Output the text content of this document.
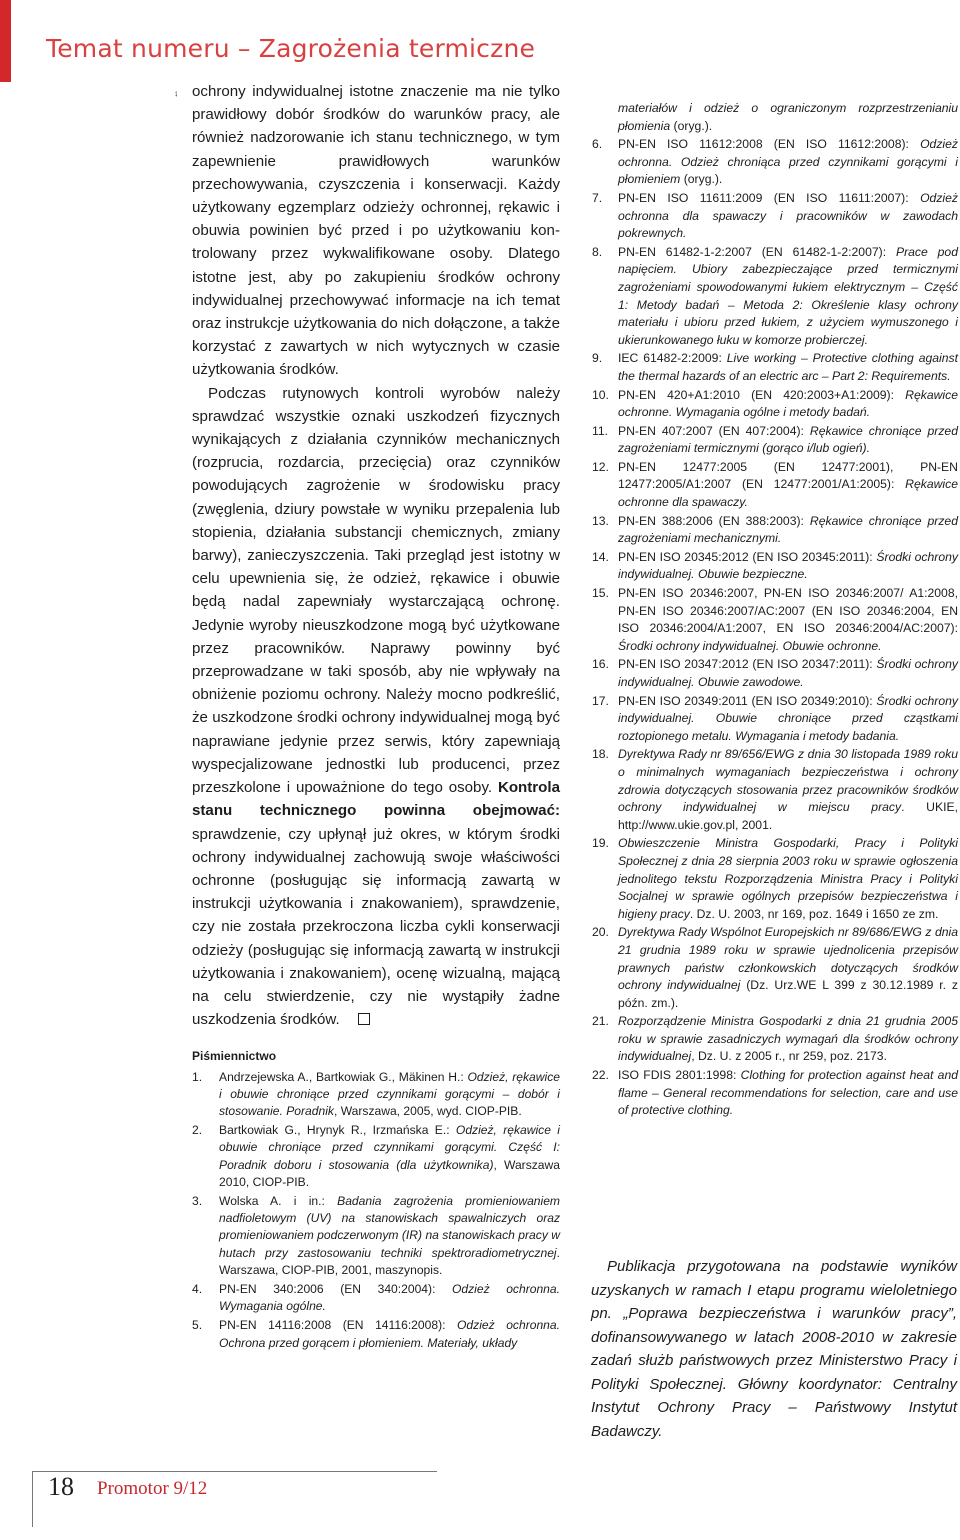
Temat numeru – Zagrożenia termiczne

⨾ ochrony indywidualnej istotne znaczenie ma nie tylko prawidłowy dobór środków do warunków pracy, ale również nadzorowanie ich stanu technicznego, w tym zapewnienie prawidłowych warunków przechowywania, czyszczenia i konserwacji. Każdy użytkowany egzemplarz odzieży ochronnej, rękawic i obuwia powinien być przed i po użytkowaniu kontrolowany przez wykwalifikowane osoby. Dlatego istotne jest, aby po zakupieniu środków ochrony indywidualnej przechowywać informacje na ich temat oraz instrukcje użytkowania do nich dołączone, a także korzystać z zawartych w nich wytycznych w czasie użytkowania środków.

Podczas rutynowych kontroli wyrobów należy sprawdzać wszystkie oznaki uszkodzeń fizycznych wynikających z działania czynników mechanicznych (rozprucia, rozdarcia, przecięcia) oraz czynników powodujących zagrożenie w środowisku pracy (zwęglenia, dziury powstałe w wyniku przepalenia lub stopienia, działania substancji chemicznych, zmiany barwy), zanieczyszczenia. Taki przegląd jest istotny w celu upewnienia się, że odzież, rękawice i obuwie będą nadal zapewniały wystarczającą ochronę. Jedynie wyroby nieuszkodzone mogą być użytkowane przez pracowników. Naprawy powinny być przeprowadzane w taki sposób, aby nie wpływały na obniżenie poziomu ochrony. Należy mocno podkreślić, że uszkodzone środki ochrony indywidualnej mogą być naprawiane jedynie przez serwis, który zapewniają wyspecjalizowane jednostki lub producenci, przez przeszkolone i upoważnione do tego osoby. Kontrola stanu technicznego powinna obejmować: sprawdzenie, czy upłynął już okres, w którym środki ochrony indywidualnej zachowują swoje właściwości ochronne (posługując się informacją zawartą w instrukcji użytkowania i znakowaniem), sprawdzenie, czy nie została przekroczona liczba cykli konserwacji odzieży (posługując się informacją zawartą w instrukcji użytkowania i znakowaniem), ocenę wizualną, mającą na celu stwierdzenie, czy nie wystąpiły żadne uszkodzenia środków.

Piśmiennictwo
1. Andrzejewska A., Bartkowiak G., Mäkinen H.: Odzież, rękawice i obuwie chroniące przed czynnikami gorącymi – dobór i stosowanie. Poradnik, Warszawa, 2005, wyd. CIOP-PIB.
2. Bartkowiak G., Hrynyk R., Irzmańska E.: Odzież, rękawice i obuwie chroniące przed czynnikami gorącymi. Część I: Poradnik doboru i stosowania (dla użytkownika), Warszawa 2010, CIOP-PIB.
3. Wolska A. i in.: Badania zagrożenia promieniowaniem nadfioletowym (UV) na stanowiskach spawalniczych oraz promieniowaniem podczerwonym (IR) na stanowiskach pracy w hutach przy zastosowaniu techniki spektroradiometrycznej. Warszawa, CIOP-PIB, 2001, maszynopis.
4. PN-EN 340:2006 (EN 340:2004): Odzież ochronna. Wymagania ogólne.
5. PN-EN 14116:2008 (EN 14116:2008): Odzież ochronna. Ochrona przed gorącem i płomieniem. Materiały, układy
materiałów i odzież o ograniczonym rozprzestrzenianiu płomienia (oryg.).
6. PN-EN ISO 11612:2008 (EN ISO 11612:2008): Odzież ochronna. Odzież chroniąca przed czynnikami gorącymi i płomieniem (oryg.).
7. PN-EN ISO 11611:2009 (EN ISO 11611:2007): Odzież ochronna dla spawaczy i pracowników w zawodach pokrewnych.
8. PN-EN 61482-1-2:2007 (EN 61482-1-2:2007): Prace pod napięciem. Ubiory zabezpieczające przed termicznymi zagrożeniami spowodowanymi łukiem elektrycznym – Część 1: Metody badań – Metoda 2: Określenie klasy ochrony materiału i ubioru przed łukiem, z użyciem wymuszonego i ukierunkowanego łuku w komorze probierczej.
9. IEC 61482-2:2009: Live working – Protective clothing against the thermal hazards of an electric arc – Part 2: Requirements.
10. PN-EN 420+A1:2010 (EN 420:2003+A1:2009): Rękawice ochronne. Wymagania ogólne i metody badań.
11. PN-EN 407:2007 (EN 407:2004): Rękawice chroniące przed zagrożeniami termicznymi (gorąco i/lub ogień).
12. PN-EN 12477:2005 (EN 12477:2001), PN-EN 12477:2005/A1:2007 (EN 12477:2001/A1:2005): Rękawice ochronne dla spawaczy.
13. PN-EN 388:2006 (EN 388:2003): Rękawice chroniące przed zagrożeniami mechanicznymi.
14. PN-EN ISO 20345:2012 (EN ISO 20345:2011): Środki ochrony indywidualnej. Obuwie bezpieczne.
15. PN-EN ISO 20346:2007, PN-EN ISO 20346:2007/ A1:2008, PN-EN ISO 20346:2007/AC:2007 (EN ISO 20346:2004, EN ISO 20346:2004/A1:2007, EN ISO 20346:2004/AC:2007): Środki ochrony indywidualnej. Obuwie ochronne.
16. PN-EN ISO 20347:2012 (EN ISO 20347:2011): Środki ochrony indywidualnej. Obuwie zawodowe.
17. PN-EN ISO 20349:2011 (EN ISO 20349:2010): Środki ochrony indywidualnej. Obuwie chroniące przed cząstkami roztopionego metalu. Wymagania i metody badania.
18. Dyrektywa Rady nr 89/656/EWG z dnia 30 listopada 1989 roku o minimalnych wymaganiach bezpieczeństwa i ochrony zdrowia dotyczących stosowania przez pracowników środków ochrony indywidualnej w miejscu pracy. UKIE, http://www.ukie.gov.pl, 2001.
19. Obwieszczenie Ministra Gospodarki, Pracy i Polityki Społecznej z dnia 28 sierpnia 2003 roku w sprawie ogłoszenia jednolitego tekstu Rozporządzenia Ministra Pracy i Polityki Socjalnej w sprawie ogólnych przepisów bezpieczeństwa i higieny pracy. Dz. U. 2003, nr 169, poz. 1649 i 1650 ze zm.
20. Dyrektywa Rady Wspólnot Europejskich nr 89/686/EWG z dnia 21 grudnia 1989 roku w sprawie ujednolicenia przepisów prawnych państw członkowskich dotyczących środków ochrony indywidualnej (Dz. Urz.WE L 399 z 30.12.1989 r. z późn. zm.).
21. Rozporządzenie Ministra Gospodarki z dnia 21 grudnia 2005 roku w sprawie zasadniczych wymagań dla środków ochrony indywidualnej, Dz. U. z 2005 r., nr 259, poz. 2173.
22. ISO FDIS 2801:1998: Clothing for protection against heat and flame – General recommendations for selection, care and use of protective clothing.
Publikacja przygotowana na podstawie wyników uzyskanych w ramach I etapu programu wieloletniego pn. „Poprawa bezpieczeństwa i warunków pracy”, dofinansowywanego w latach 2008-2010 w zakresie zadań służb państwowych przez Ministerstwo Pracy i Polityki Społecznej. Główny koordynator: Centralny Instytut Ochrony Pracy – Państwowy Instytut Badawczy.
18 Promotor 9/12
